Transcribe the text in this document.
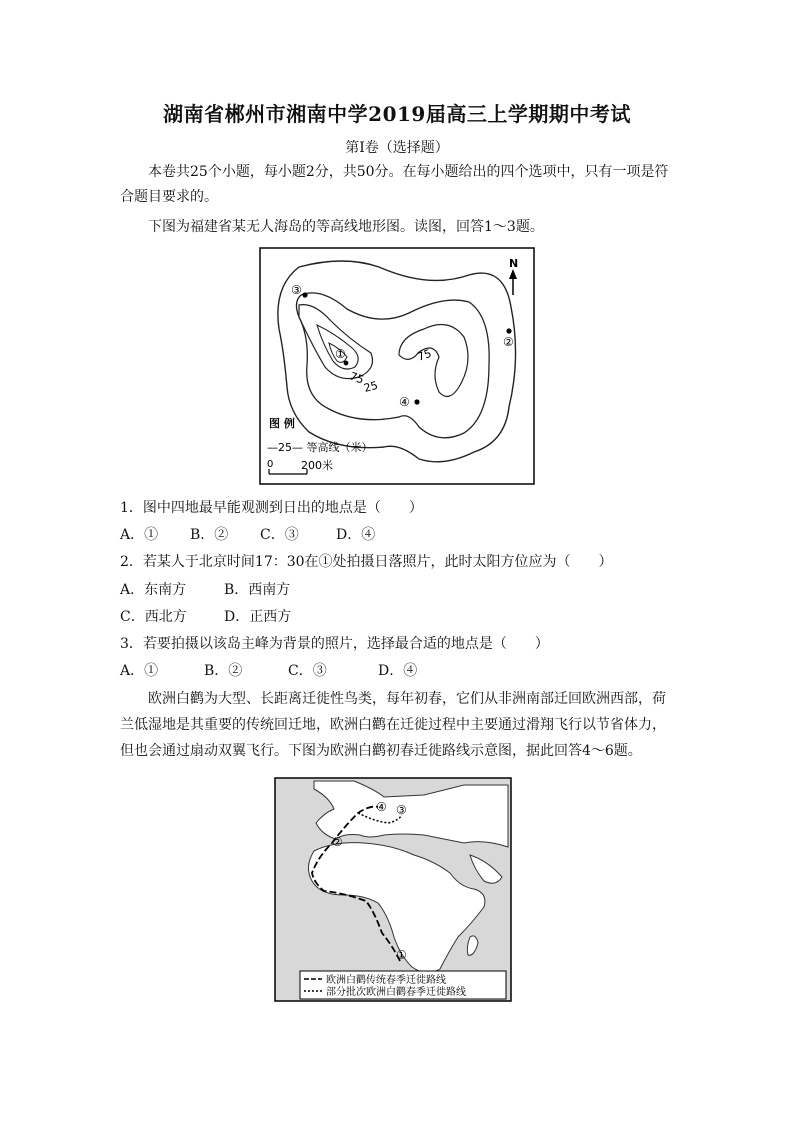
湖南省郴州市湘南中学2019届高三上学期期中考试
第Ⅰ卷（选择题）
本卷共25个小题，每小题2分，共50分。在每小题给出的四个选项中，只有一项是符合题目要求的。
下图为福建省某无人海岛的等高线地形图。读图，回答1～3题。
N
③
②
①
④
75
75
25
图 例
—25— 等高线（米）
0	200米
1．图中四地最早能观测到日出的地点是（　　）
A．① B．② C．③	D．④
2．若某人于北京时间17：30在①处拍摄日落照片，此时太阳方位应为（　　）
A．东南方	B．西南方
C．西北方	D．正西方
3．若要拍摄以该岛主峰为背景的照片，选择最合适的地点是（　　）
A．①	B．②	C．③	D．④
欧洲白鹳为大型、长距离迁徙性鸟类，每年初春，它们从非洲南部迁回欧洲西部，荷兰低湿地是其重要的传统回迁地，欧洲白鹳在迁徙过程中主要通过滑翔飞行以节省体力，但也会通过扇动双翼飞行。下图为欧洲白鹳初春迁徙路线示意图，据此回答4～6题。
④ ③
②
①
欧洲白鹳传统春季迁徙路线
部分批次欧洲白鹳春季迁徙路线
